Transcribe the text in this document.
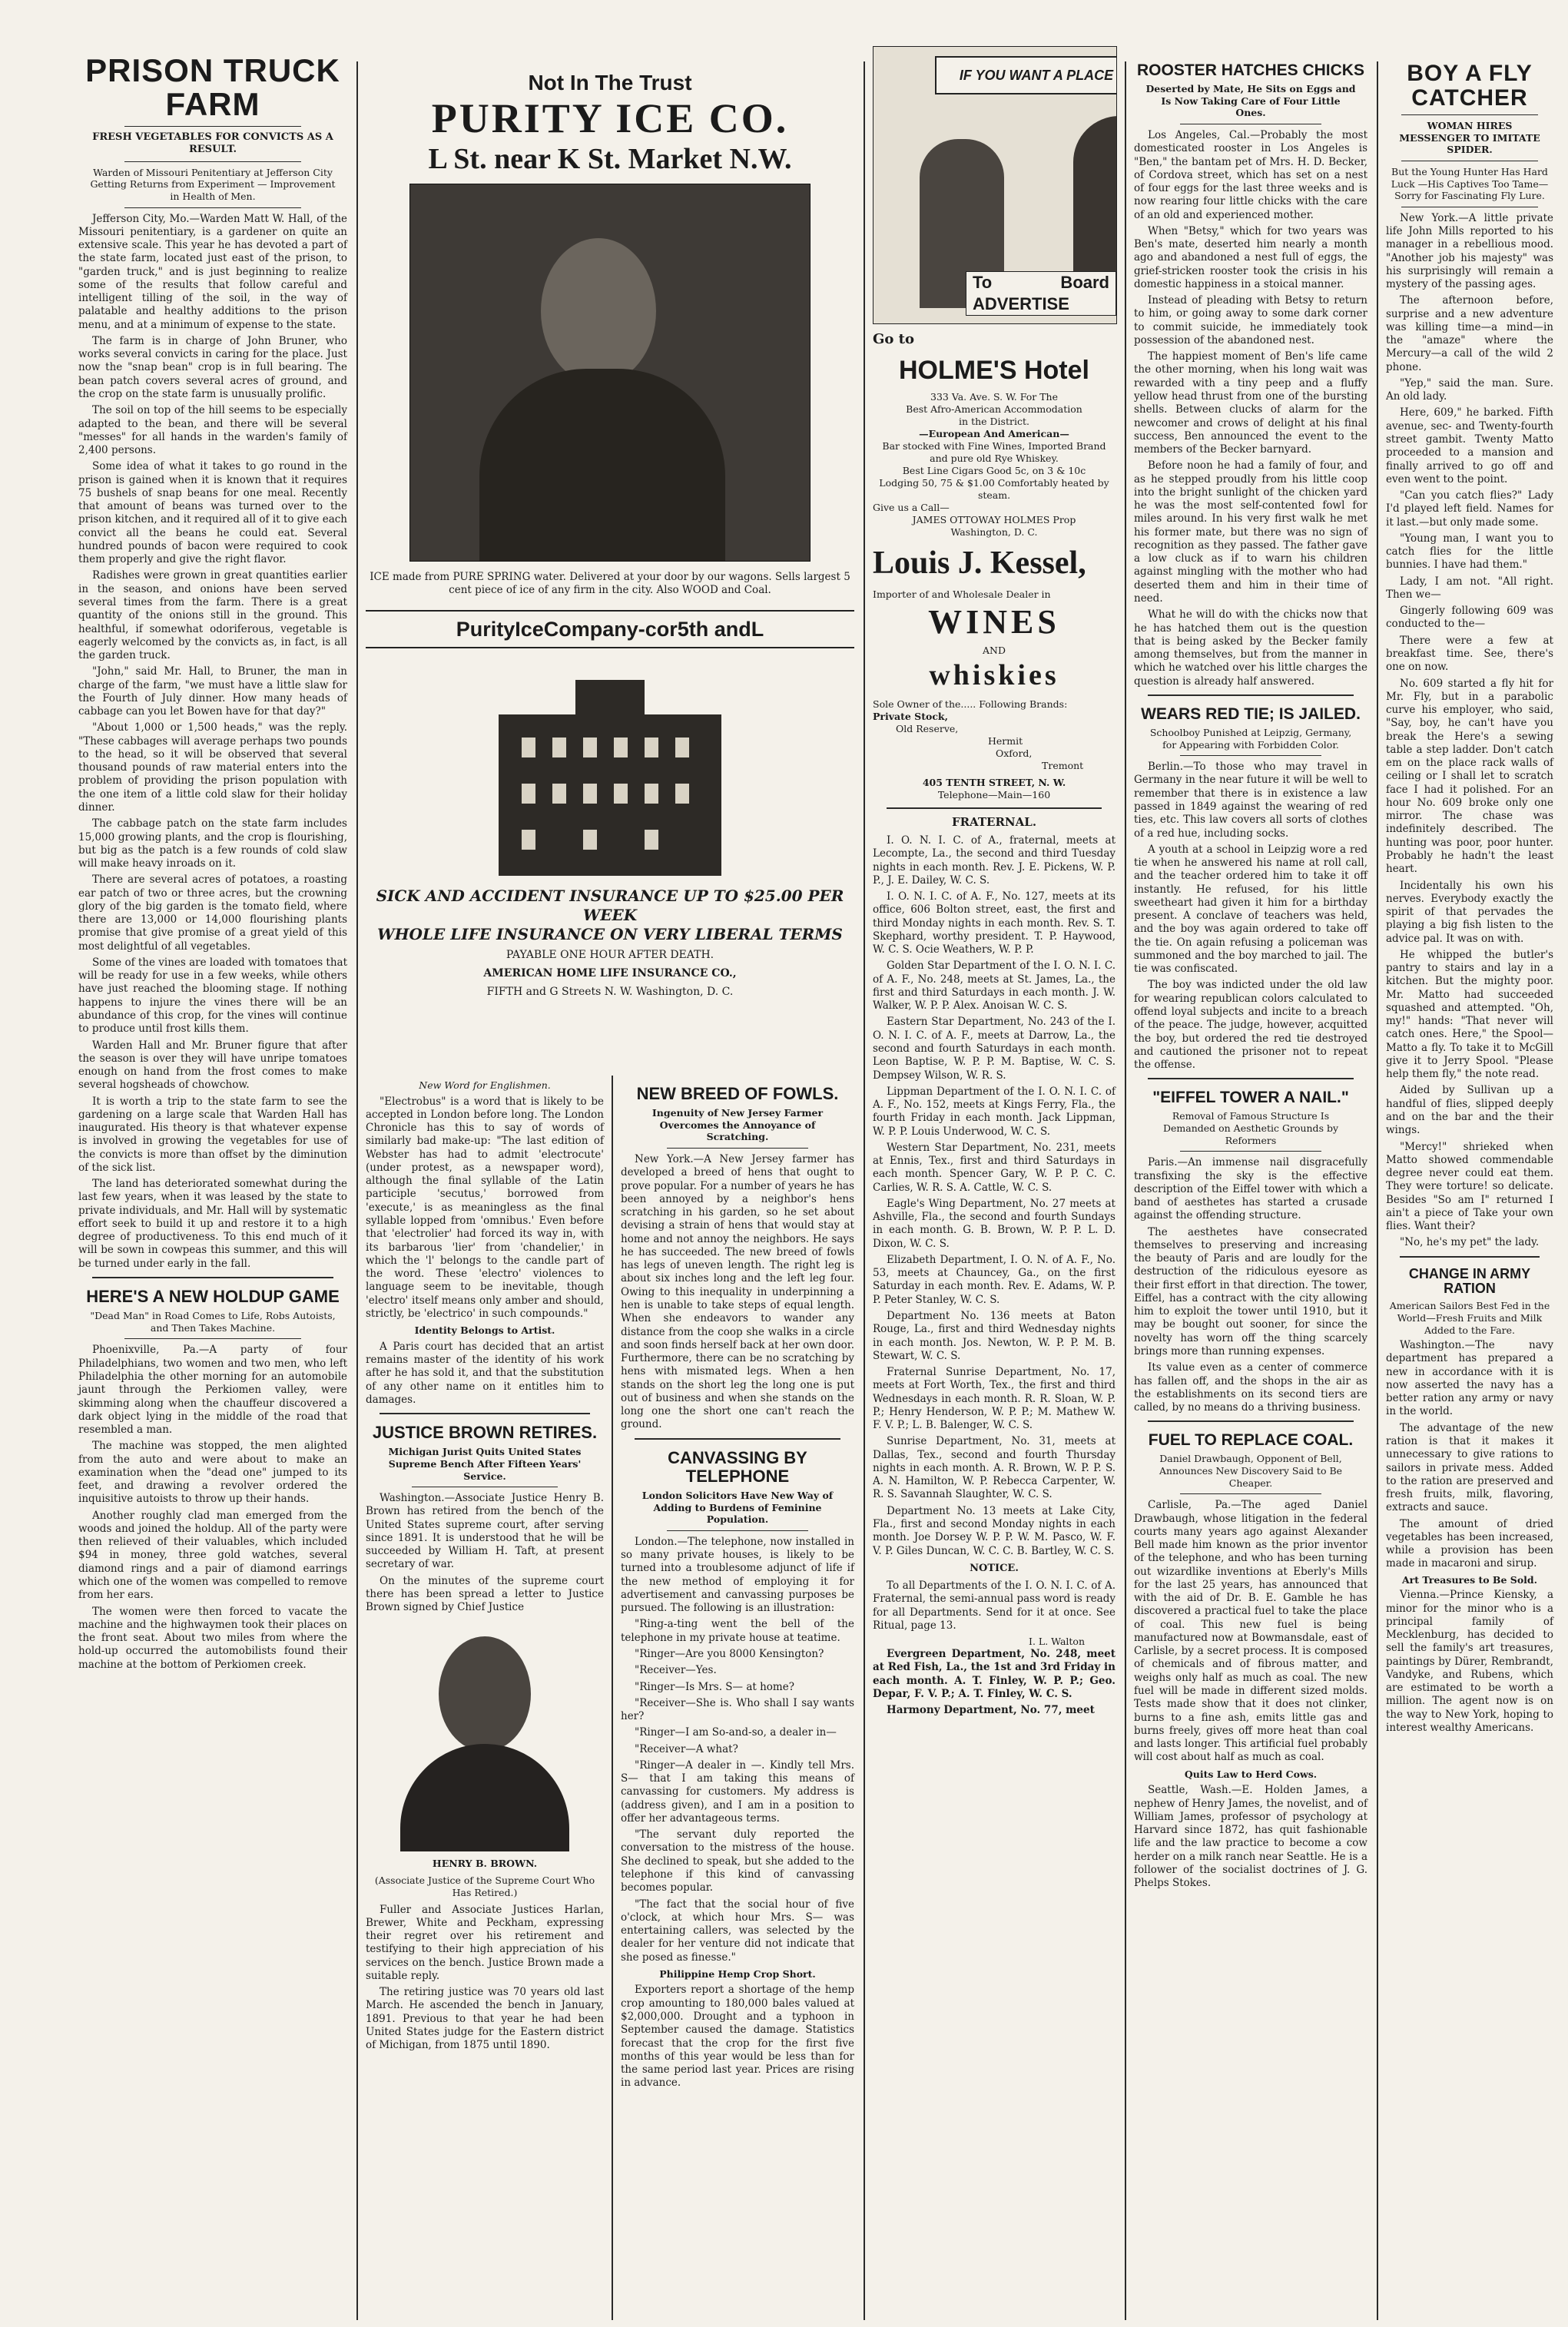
PRISON TRUCK FARM
FRESH VEGETABLES FOR CONVICTS AS A RESULT.
Warden of Missouri Penitentiary at Jefferson City Getting Returns from Experiment — Improvement in Health of Men.

Jefferson City, Mo.—Warden Matt W. Hall, of the Missouri penitentiary, is a gardener on quite an extensive scale. This year he has devoted a part of the state farm, located just east of the prison, to "garden truck," and is just beginning to realize some of the results that follow careful and intelligent tilling of the soil, in the way of palatable and healthy additions to the prison menu, and at a minimum of expense to the state.

The farm is in charge of John Bruner, who works several convicts in caring for the place. Just now the "snap bean" crop is in full bearing. The bean patch covers several acres of ground, and the crop on the state farm is unusually prolific.

The soil on top of the hill seems to be especially adapted to the bean, and there will be several "messes" for all hands in the warden's family of 2,400 persons.

Some idea of what it takes to go round in the prison is gained when it is known that it requires 75 bushels of snap beans for one meal. Recently that amount of beans was turned over to the prison kitchen, and it required all of it to give each convict all the beans he could eat. Several hundred pounds of bacon were required to cook them properly and give the right flavor.

Radishes were grown in great quantities earlier in the season, and onions have been served several times from the farm. There is a great quantity of the onions still in the ground. This healthful, if somewhat odoriferous, vegetable is eagerly welcomed by the convicts as, in fact, is all the garden truck.

"John," said Mr. Hall, to Bruner, the man in charge of the farm, "we must have a little slaw for the Fourth of July dinner. How many heads of cabbage can you let Bowen have for that day?"

"About 1,000 or 1,500 heads," was the reply. "These cabbages will average perhaps two pounds to the head, so it will be observed that several thousand pounds of raw material enters into the problem of providing the prison population with the one item of a little cold slaw for their holiday dinner.

The cabbage patch on the state farm includes 15,000 growing plants, and the crop is flourishing, but big as the patch is a few rounds of cold slaw will make heavy inroads on it.

There are several acres of potatoes, a roasting ear patch of two or three acres, but the crowning glory of the big garden is the tomato field, where there are 13,000 or 14,000 flourishing plants promise that give promise of a great yield of this most delightful of all vegetables.

Some of the vines are loaded with tomatoes that will be ready for use in a few weeks, while others have just reached the blooming stage. If nothing happens to injure the vines there will be an abundance of this crop, for the vines will continue to produce until frost kills them.

Warden Hall and Mr. Bruner figure that after the season is over they will have unripe tomatoes enough on hand from the frost comes to make several hogsheads of chowchow.

It is worth a trip to the state farm to see the gardening on a large scale that Warden Hall has inaugurated. His theory is that whatever expense is involved in growing the vegetables for use of the convicts is more than offset by the diminution of the sick list.

The land has deteriorated somewhat during the last few years, when it was leased by the state to private individuals, and Mr. Hall will by systematic effort seek to build it up and restore it to a high degree of productiveness. To this end much of it will be sown in cowpeas this summer, and this will be turned under early in the fall.

HERE'S A NEW HOLDUP GAME
"Dead Man" in Road Comes to Life, Robs Autoists, and Then Takes Machine.

Phoenixville, Pa.—A party of four Philadelphians, two women and two men, who left Philadelphia the other morning for an automobile jaunt through the Perkiomen valley, were skimming along when the chauffeur discovered a dark object lying in the middle of the road that resembled a man.

The machine was stopped, the men alighted from the auto and were about to make an examination when the "dead one" jumped to its feet, and drawing a revolver ordered the inquisitive autoists to throw up their hands.

Another roughly clad man emerged from the woods and joined the holdup. All of the party were then relieved of their valuables, which included $94 in money, three gold watches, several diamond rings and a pair of diamond earrings which one of the women was compelled to remove from her ears.

The women were then forced to vacate the machine and the highwaymen took their places on the front seat. About two miles from where the hold-up occurred the automobilists found their machine at the bottom of Perkiomen creek.

Not In The Trust
PURITY ICE CO.
L St. near K St. Market N.W.
ICE made from PURE SPRING water. Delivered at your door by our wagons. Sells largest 5 cent piece of ice of any firm in the city. Also WOOD and Coal.
PurityIceCompany-cor5th andL
SICK AND ACCIDENT INSURANCE UP TO $25.00 PER WEEK
WHOLE LIFE INSURANCE ON VERY LIBERAL TERMS
PAYABLE ONE HOUR AFTER DEATH.
AMERICAN HOME LIFE INSURANCE CO.,
FIFTH and G Streets N. W. Washington, D. C.
New Word for Englishmen.

"Electrobus" is a word that is likely to be accepted in London before long. The London Chronicle has this to say of words of similarly bad make-up: "The last edition of Webster has had to admit 'electrocute' (under protest, as a newspaper word), although the final syllable of the Latin participle 'secutus,' borrowed from 'execute,' is as meaningless as the final syllable lopped from 'omnibus.' Even before that 'electrolier' had forced its way in, with its barbarous 'lier' from 'chandelier,' in which the 'l' belongs to the candle part of the word. These 'electro' violences to language seem to be inevitable, though 'electro' itself means only amber and should, strictly, be 'electrico' in such compounds."

Identity Belongs to Artist.

A Paris court has decided that an artist remains master of the identity of his work after he has sold it, and that the substitution of any other name on it entitles him to damages.

JUSTICE BROWN RETIRES.
Michigan Jurist Quits United States Supreme Bench After Fifteen Years' Service.

Washington.—Associate Justice Henry B. Brown has retired from the bench of the United States supreme court, after serving since 1891. It is understood that he will be succeeded by William H. Taft, at present secretary of war.

On the minutes of the supreme court there has been spread a letter to Justice Brown signed by Chief Justice

HENRY B. BROWN.
(Associate Justice of the Supreme Court Who Has Retired.)

Fuller and Associate Justices Harlan, Brewer, White and Peckham, expressing their regret over his retirement and testifying to their high appreciation of his services on the bench. Justice Brown made a suitable reply.

The retiring justice was 70 years old last March. He ascended the bench in January, 1891. Previous to that year he had been United States judge for the Eastern district of Michigan, from 1875 until 1890.

NEW BREED OF FOWLS.
Ingenuity of New Jersey Farmer Overcomes the Annoyance of Scratching.

New York.—A New Jersey farmer has developed a breed of hens that ought to prove popular. For a number of years he has been annoyed by a neighbor's hens scratching in his garden, so he set about devising a strain of hens that would stay at home and not annoy the neighbors. He says he has succeeded. The new breed of fowls has legs of uneven length. The right leg is about six inches long and the left leg four. Owing to this inequality in underpinning a hen is unable to take steps of equal length. When she endeavors to wander any distance from the coop she walks in a circle and soon finds herself back at her own door. Furthermore, there can be no scratching by hens with mismated legs. When a hen stands on the short leg the long one is put out of business and when she stands on the long one the short one can't reach the ground.

CANVASSING BY TELEPHONE
London Solicitors Have New Way of Adding to Burdens of Feminine Population.

London.—The telephone, now installed in so many private houses, is likely to be turned into a troublesome adjunct of life if the new method of employing it for advertisement and canvassing purposes be pursued. The following is an illustration:

"Ring-a-ting went the bell of the telephone in my private house at teatime.

"Ringer—Are you 8000 Kensington?

"Receiver—Yes.

"Ringer—Is Mrs. S— at home?

"Receiver—She is. Who shall I say wants her?

"Ringer—I am So-and-so, a dealer in—

"Receiver—A what?

"Ringer—A dealer in —. Kindly tell Mrs. S— that I am taking this means of canvassing for customers. My address is (address given), and I am in a position to offer her advantageous terms.

"The servant duly reported the conversation to the mistress of the house. She declined to speak, but she added to the telephone if this kind of canvassing becomes popular.

"The fact that the social hour of five o'clock, at which hour Mrs. S— was entertaining callers, was selected by the dealer for her venture did not indicate that she posed as finesse."

Philippine Hemp Crop Short.

Exporters report a shortage of the hemp crop amounting to 180,000 bales valued at $2,000,000. Drought and a typhoon in September caused the damage. Statistics forecast that the crop for the first five months of this year would be less than for the same period last year. Prices are rising in advance.

IF YOU WANT A PLACE
To Board ADVERTISE
Go to
HOLME'S Hotel
333 Va. Ave. S. W. For The
Best Afro-American Accommodation
in the District.
—European And American—
Bar stocked with Fine Wines, Imported Brand and pure old Rye Whiskey.
Best Line Cigars Good 5c, on 3 & 10c
Lodging 50, 75 & $1.00 Comfortably heated by steam.
Give us a Call—
JAMES OTTOWAY HOLMES Prop
Washington, D. C.
Louis J. Kessel,
Importer of and Wholesale Dealer in
WINES
AND
whiskies
Sole Owner of the..... Following Brands:
Private Stock,
Old Reserve,
Hermit
Oxford,
Tremont
405 TENTH STREET, N. W.
Telephone—Main—160
FRATERNAL.

I. O. N. I. C. of A., fraternal, meets at Lecompte, La., the second and third Tuesday nights in each month. Rev. J. E. Pickens, W. P. P., J. E. Dailey, W. C. S.

I. O. N. I. C. of A. F., No. 127, meets at its office, 606 Bolton street, east, the first and third Monday nights in each month. Rev. S. T. Skephard, worthy president. T. P. Haywood, W. C. S. Ocie Weathers, W. P. P.

Golden Star Department of the I. O. N. I. C. of A. F., No. 248, meets at St. James, La., the first and third Saturdays in each month. J. W. Walker, W. P. P. Alex. Anoisan W. C. S.

Eastern Star Department, No. 243 of the I. O. N. I. C. of A. F., meets at Darrow, La., the second and fourth Saturdays in each month. Leon Baptise, W. P. P. M. Baptise, W. C. S. Dempsey Wilson, W. R. S.

Lippman Department of the I. O. N. I. C. of A. F., No. 152, meets at Kings Ferry, Fla., the fourth Friday in each month. Jack Lippman, W. P. P. Louis Underwood, W. C. S.

Western Star Department, No. 231, meets at Ennis, Tex., first and third Saturdays in each month. Spencer Gary, W. P. P. C. C. Carlies, W. R. S. A. Cattle, W. C. S.

Eagle's Wing Department, No. 27 meets at Ashville, Fla., the second and fourth Sundays in each month. G. B. Brown, W. P. P. L. D. Dixon, W. C. S.

Elizabeth Department, I. O. N. of A. F., No. 53, meets at Chauncey, Ga., on the first Saturday in each month. Rev. E. Adams, W. P. P. Peter Stanley, W. C. S.

Department No. 136 meets at Baton Rouge, La., first and third Wednesday nights in each month. Jos. Newton, W. P. P. M. B. Stewart, W. C. S.

Fraternal Sunrise Department, No. 17, meets at Fort Worth, Tex., the first and third Wednesdays in each month. R. R. Sloan, W. P. P.; Henry Henderson, W. P. P.; M. Mathew W. F. V. P.; L. B. Balenger, W. C. S.

Sunrise Department, No. 31, meets at Dallas, Tex., second and fourth Thursday nights in each month. A. R. Brown, W. P. P. S. A. N. Hamilton, W. P. Rebecca Carpenter, W. R. S. Savannah Slaughter, W. C. S.

Department No. 13 meets at Lake City, Fla., first and second Monday nights in each month. Joe Dorsey W. P. P. W. M. Pasco, W. F. V. P. Giles Duncan, W. C. C. B. Bartley, W. C. S.

NOTICE.

To all Departments of the I. O. N. I. C. of A. Fraternal, the semi-annual pass word is ready for all Departments. Send for it at once. See Ritual, page 13.

I. L. Walton

Evergreen Department, No. 248, meet at Red Fish, La., the 1st and 3rd Friday in each month. A. T. Finley, W. P. P.; Geo. Depar, F. V. P.; A. T. Finley, W. C. S.

Harmony Department, No. 77, meet

ROOSTER HATCHES CHICKS
Deserted by Mate, He Sits on Eggs and Is Now Taking Care of Four Little Ones.

Los Angeles, Cal.—Probably the most domesticated rooster in Los Angeles is "Ben," the bantam pet of Mrs. H. D. Becker, of Cordova street, which has set on a nest of four eggs for the last three weeks and is now rearing four little chicks with the care of an old and experienced mother.

When "Betsy," which for two years was Ben's mate, deserted him nearly a month ago and abandoned a nest full of eggs, the grief-stricken rooster took the crisis in his domestic happiness in a stoical manner.

Instead of pleading with Betsy to return to him, or going away to some dark corner to commit suicide, he immediately took possession of the abandoned nest.

The happiest moment of Ben's life came the other morning, when his long wait was rewarded with a tiny peep and a fluffy yellow head thrust from one of the bursting shells. Between clucks of alarm for the newcomer and crows of delight at his final success, Ben announced the event to the members of the Becker barnyard.

Before noon he had a family of four, and as he stepped proudly from his little coop into the bright sunlight of the chicken yard he was the most self-contented fowl for miles around. In his very first walk he met his former mate, but there was no sign of recognition as they passed. The father gave a low cluck as if to warn his children against mingling with the mother who had deserted them and him in their time of need.

What he will do with the chicks now that he has hatched them out is the question that is being asked by the Becker family among themselves, but from the manner in which he watched over his little charges the question is already half answered.

WEARS RED TIE; IS JAILED.
Schoolboy Punished at Leipzig, Germany, for Appearing with Forbidden Color.

Berlin.—To those who may travel in Germany in the near future it will be well to remember that there is in existence a law passed in 1849 against the wearing of red ties, etc. This law covers all sorts of clothes of a red hue, including socks.

A youth at a school in Leipzig wore a red tie when he answered his name at roll call, and the teacher ordered him to take it off instantly. He refused, for his little sweetheart had given it him for a birthday present. A conclave of teachers was held, and the boy was again ordered to take off the tie. On again refusing a policeman was summoned and the boy marched to jail. The tie was confiscated.

The boy was indicted under the old law for wearing republican colors calculated to offend loyal subjects and incite to a breach of the peace. The judge, however, acquitted the boy, but ordered the red tie destroyed and cautioned the prisoner not to repeat the offense.

"EIFFEL TOWER A NAIL."
Removal of Famous Structure Is Demanded on Aesthetic Grounds by Reformers

Paris.—An immense nail disgracefully transfixing the sky is the effective description of the Eiffel tower with which a band of aesthetes has started a crusade against the offending structure.

The aesthetes have consecrated themselves to preserving and increasing the beauty of Paris and are loudly for the destruction of the ridiculous eyesore as their first effort in that direction. The tower, Eiffel, has a contract with the city allowing him to exploit the tower until 1910, but it may be bought out sooner, for since the novelty has worn off the thing scarcely brings more than running expenses.

Its value even as a center of commerce has fallen off, and the shops in the air as the establishments on its second tiers are called, by no means do a thriving business.

FUEL TO REPLACE COAL.
Daniel Drawbaugh, Opponent of Bell, Announces New Discovery Said to Be Cheaper.

Carlisle, Pa.—The aged Daniel Drawbaugh, whose litigation in the federal courts many years ago against Alexander Bell made him known as the prior inventor of the telephone, and who has been turning out wizardlike inventions at Eberly's Mills for the last 25 years, has announced that with the aid of Dr. B. E. Gamble he has discovered a practical fuel to take the place of coal. This new fuel is being manufactured now at Bowmansdale, east of Carlisle, by a secret process. It is composed of chemicals and of fibrous matter, and weighs only half as much as coal. The new fuel will be made in different sized molds. Tests made show that it does not clinker, burns to a fine ash, emits little gas and burns freely, gives off more heat than coal and lasts longer. This artificial fuel probably will cost about half as much as coal.

Quits Law to Herd Cows.

Seattle, Wash.—E. Holden James, a nephew of Henry James, the novelist, and of William James, professor of psychology at Harvard since 1872, has quit fashionable life and the law practice to become a cow herder on a milk ranch near Seattle. He is a follower of the socialist doctrines of J. G. Phelps Stokes.

BOY A FLY CATCHER
WOMAN HIRES MESSENGER TO IMITATE SPIDER.
But the Young Hunter Has Hard Luck —His Captives Too Tame— Sorry for Fascinating Fly Lure.

New York.—A little private life John Mills reported to his manager in a rebellious mood. "Another job his majesty" was his surprisingly will remain a mystery of the passing ages.

The afternoon before, surprise and a new adventure was killing time—a mind—in the "amaze" where the Mercury—a call of the wild 2 phone.

"Yep," said the man. Sure. An old lady.

Here, 609," he barked. Fifth avenue, sec- and Twenty-fourth street gambit. Twenty Matto proceeded to a mansion and finally arrived to go off and even went to the point.

"Can you catch flies?" Lady I'd played left field. Names for it last.—but only made some.

"Young man, I want you to catch flies for the little bunnies. I have had them."

Lady, I am not. "All right. Then we—

Gingerly following 609 was conducted to the—

There were a few at breakfast time. See, there's one on now.

No. 609 started a fly hit for Mr. Fly, but in a parabolic curve his employer, who said, "Say, boy, he can't have you break the Here's a sewing table a step ladder. Don't catch em on the place rack walls of ceiling or I shall let to scratch face I had it polished. For an hour No. 609 broke only one mirror. The chase was indefinitely described. The hunting was poor, poor hunter. Probably he hadn't the least heart.

Incidentally his own his nerves. Everybody exactly the spirit of that pervades the playing a big fish listen to the advice pal. It was on with.

He whipped the butler's pantry to stairs and lay in a kitchen. But the mighty poor. Mr. Matto had succeeded squashed and attempted. "Oh, my!" hands: "That never will catch ones. Here," the Spool—Matto a fly. To take it to McGill give it to Jerry Spool. "Please help them fly," the note read.

Aided by Sullivan up a handful of flies, slipped deeply and on the bar and the their wings.

"Mercy!" shrieked when Matto showed commendable degree never could eat them. They were torture! so delicate. Besides "So am I" returned I ain't a piece of Take your own flies. Want their?

"No, he's my pet" the lady.

CHANGE IN ARMY RATION
American Sailors Best Fed in the World—Fresh Fruits and Milk Added to the Fare.

Washington.—The navy department has prepared a new in accordance with it is now asserted the navy has a better ration any army or navy in the world.

The advantage of the new ration is that it makes it unnecessary to give rations to sailors in private mess. Added to the ration are preserved and fresh fruits, milk, flavoring, extracts and sauce.

The amount of dried vegetables has been increased, while a provision has been made in macaroni and sirup.

Art Treasures to Be Sold.

Vienna.—Prince Kiensky, a minor for the minor who is a principal family of Mecklenburg, has decided to sell the family's art treasures, paintings by Dürer, Rembrandt, Vandyke, and Rubens, which are estimated to be worth a million. The agent now is on the way to New York, hoping to interest wealthy Americans.
